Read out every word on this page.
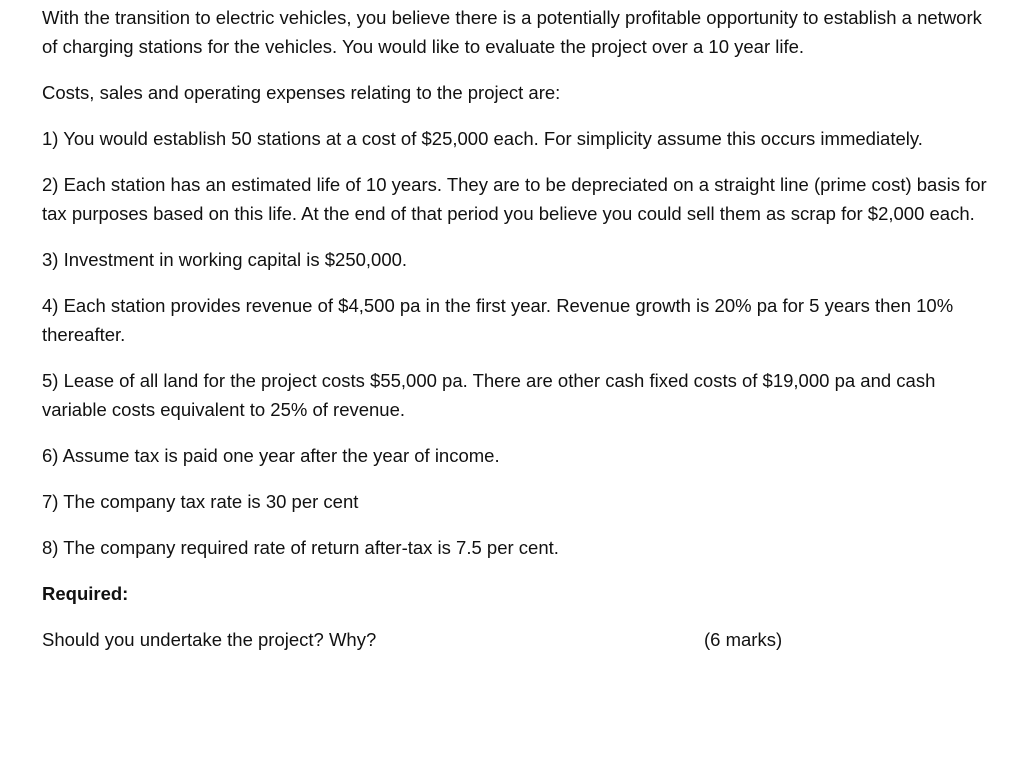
With the transition to electric vehicles, you believe there is a potentially profitable opportunity to establish a network of charging stations for the vehicles. You would like to evaluate the project over a 10 year life.

Costs, sales and operating expenses relating to the project are:

1) You would establish 50 stations at a cost of $25,000 each. For simplicity assume this occurs immediately.

2) Each station has an estimated life of 10 years. They are to be depreciated on a straight line (prime cost) basis for tax purposes based on this life. At the end of that period you believe you could sell them as scrap for $2,000 each.

3) Investment in working capital is $250,000.

4) Each station provides revenue of $4,500 pa in the first year. Revenue growth is 20% pa for 5 years then 10% thereafter.

5) Lease of all land for the project costs $55,000 pa. There are other cash fixed costs of $19,000 pa and cash variable costs equivalent to 25% of revenue.

6) Assume tax is paid one year after the year of income.

7) The company tax rate is 30 per cent

8) The company required rate of return after-tax is 7.5 per cent.

Required:

Should you undertake the project? Why?	(6 marks)
